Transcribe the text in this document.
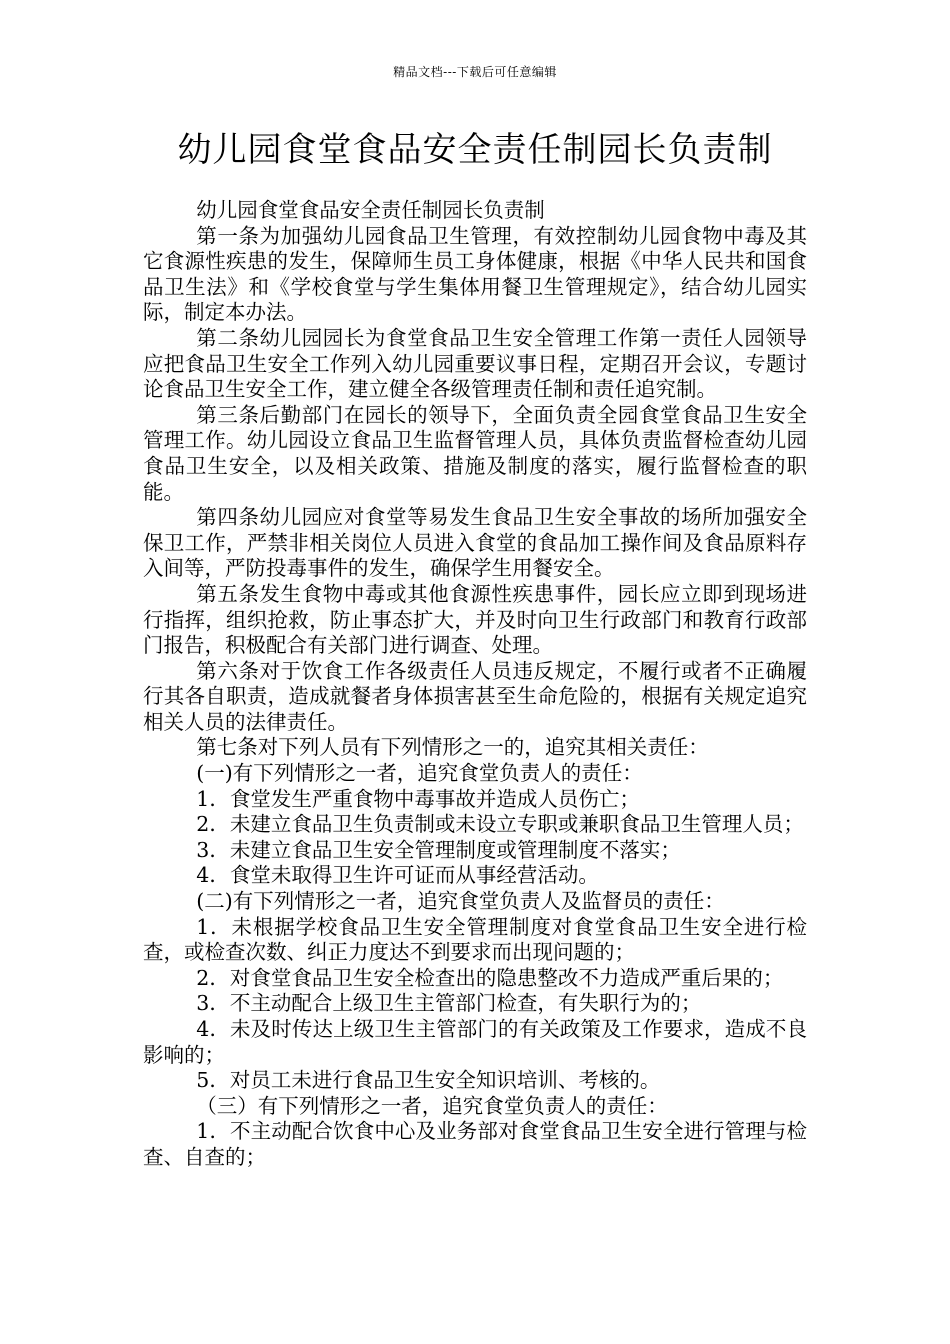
精品文档---下载后可任意编辑
幼儿园食堂食品安全责任制园长负责制

幼儿园食堂食品安全责任制园长负责制

第一条为加强幼儿园食品卫生管理，有效控制幼儿园食物中毒及其它食源性疾患的发生，保障师生员工身体健康，根据《中华人民共和国食品卫生法》和《学校食堂与学生集体用餐卫生管理规定》，结合幼儿园实际，制定本办法。

第二条幼儿园园长为食堂食品卫生安全管理工作第一责任人园领导应把食品卫生安全工作列入幼儿园重要议事日程，定期召开会议，专题讨论食品卫生安全工作，建立健全各级管理责任制和责任追究制。

第三条后勤部门在园长的领导下，全面负责全园食堂食品卫生安全管理工作。幼儿园设立食品卫生监督管理人员，具体负责监督检查幼儿园食品卫生安全，以及相关政策、措施及制度的落实，履行监督检查的职能。

第四条幼儿园应对食堂等易发生食品卫生安全事故的场所加强安全保卫工作，严禁非相关岗位人员进入食堂的食品加工操作间及食品原料存入间等，严防投毒事件的发生，确保学生用餐安全。

第五条发生食物中毒或其他食源性疾患事件，园长应立即到现场进行指挥，组织抢救，防止事态扩大，并及时向卫生行政部门和教育行政部门报告，积极配合有关部门进行调查、处理。

第六条对于饮食工作各级责任人员违反规定，不履行或者不正确履行其各自职责，造成就餐者身体损害甚至生命危险的，根据有关规定追究相关人员的法律责任。

第七条对下列人员有下列情形之一的，追究其相关责任：

(一)有下列情形之一者，追究食堂负责人的责任：

1．食堂发生严重食物中毒事故并造成人员伤亡；

2．未建立食品卫生负责制或未设立专职或兼职食品卫生管理人员；

3．未建立食品卫生安全管理制度或管理制度不落实；

4．食堂未取得卫生许可证而从事经营活动。

(二)有下列情形之一者，追究食堂负责人及监督员的责任：

1．未根据学校食品卫生安全管理制度对食堂食品卫生安全进行检查，或检查次数、纠正力度达不到要求而出现问题的；

2．对食堂食品卫生安全检查出的隐患整改不力造成严重后果的；

3．不主动配合上级卫生主管部门检查，有失职行为的；

4．未及时传达上级卫生主管部门的有关政策及工作要求，造成不良影响的；

5．对员工未进行食品卫生安全知识培训、考核的。

（三）有下列情形之一者，追究食堂负责人的责任：

1．不主动配合饮食中心及业务部对食堂食品卫生安全进行管理与检查、自查的；
